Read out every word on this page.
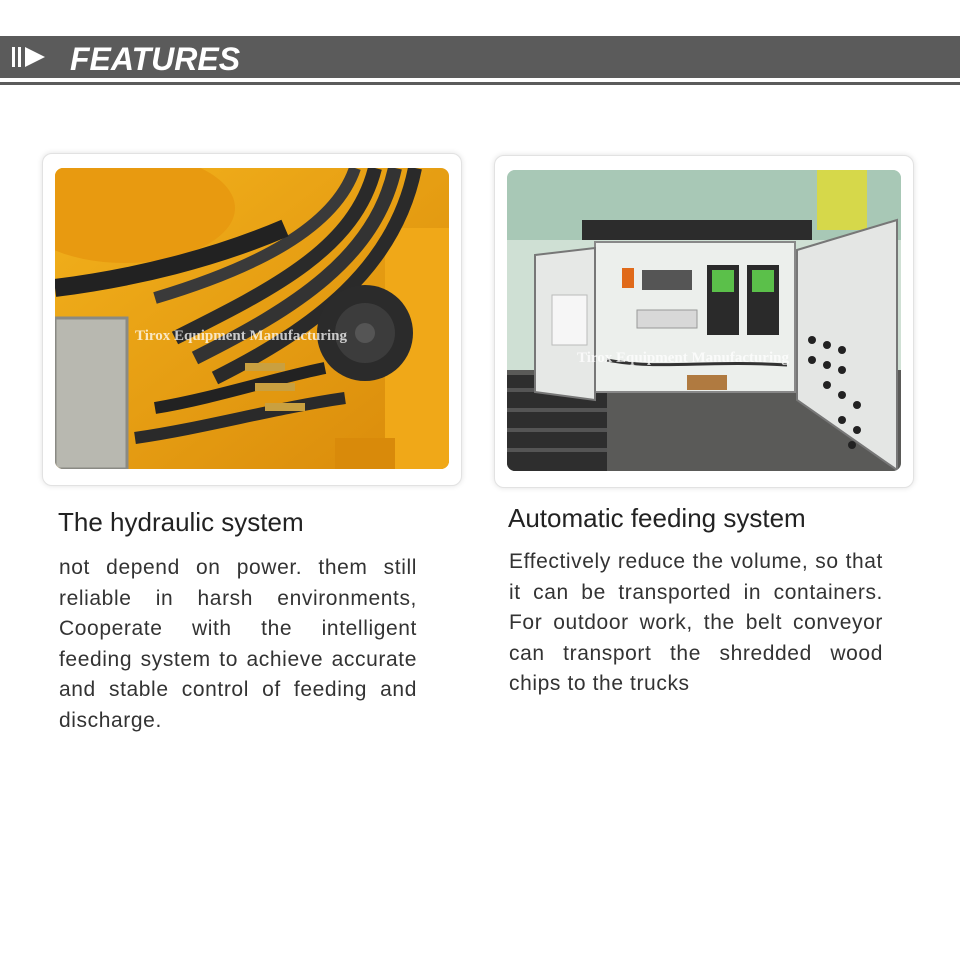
FEATURES
Tirox Equipment Manufacturing
Tirox Equipment Manufacturing
The hydraulic system
not depend on power. them still reliable in harsh environments, Cooperate with the intelligent feeding system to achieve accurate and stable control of feeding and discharge.
Automatic feeding system
Effectively reduce the volume, so that it can be transported in containers. For outdoor work, the belt conveyor can transport the shredded wood chips to the trucks
